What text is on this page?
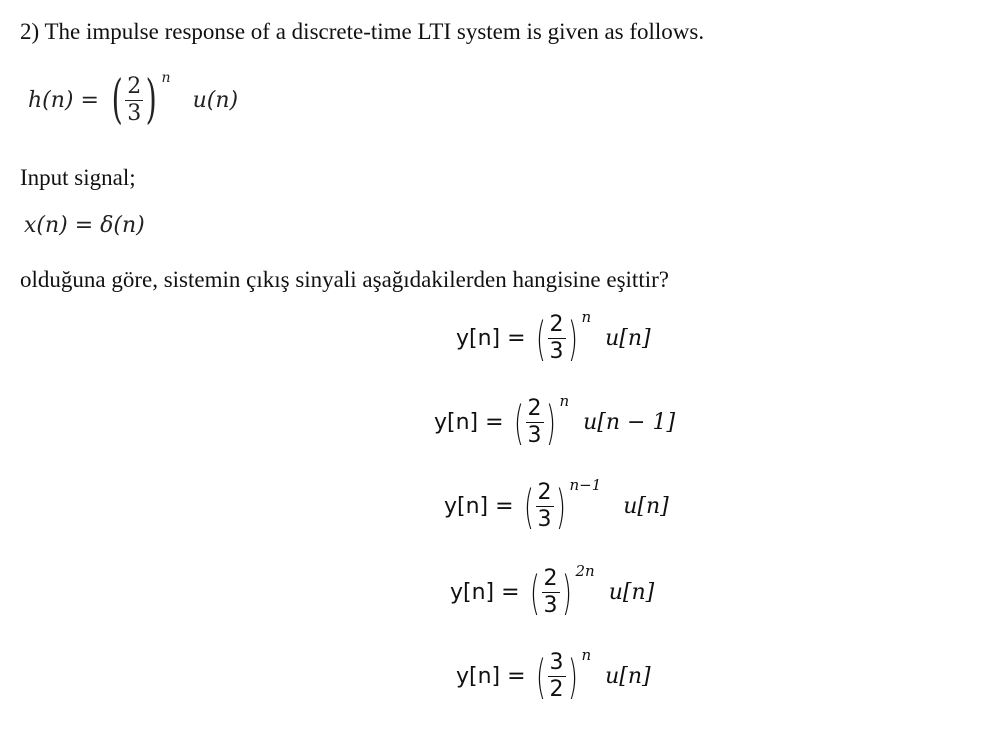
2) The impulse response of a discrete-time LTI system is given as follows.
h(n) = ( $\frac{2}{3}$ ) n
u(n)
Input signal;
x(n) = δ(n)
olduğuna göre, sistemin çıkış sinyali aşağıdakilerden hangisine eşittir?
y[n] = ( $\frac{2}{3}$ ) n
u[n]
y[n] = ( $\frac{2}{3}$ ) n
u[n − 1]
y[n] = ( $\frac{2}{3}$ ) n−1
u[n]
y[n] = ( $\frac{2}{3}$ ) 2n
u[n]
y[n] = ( $\frac{3}{2}$ ) n
u[n]
